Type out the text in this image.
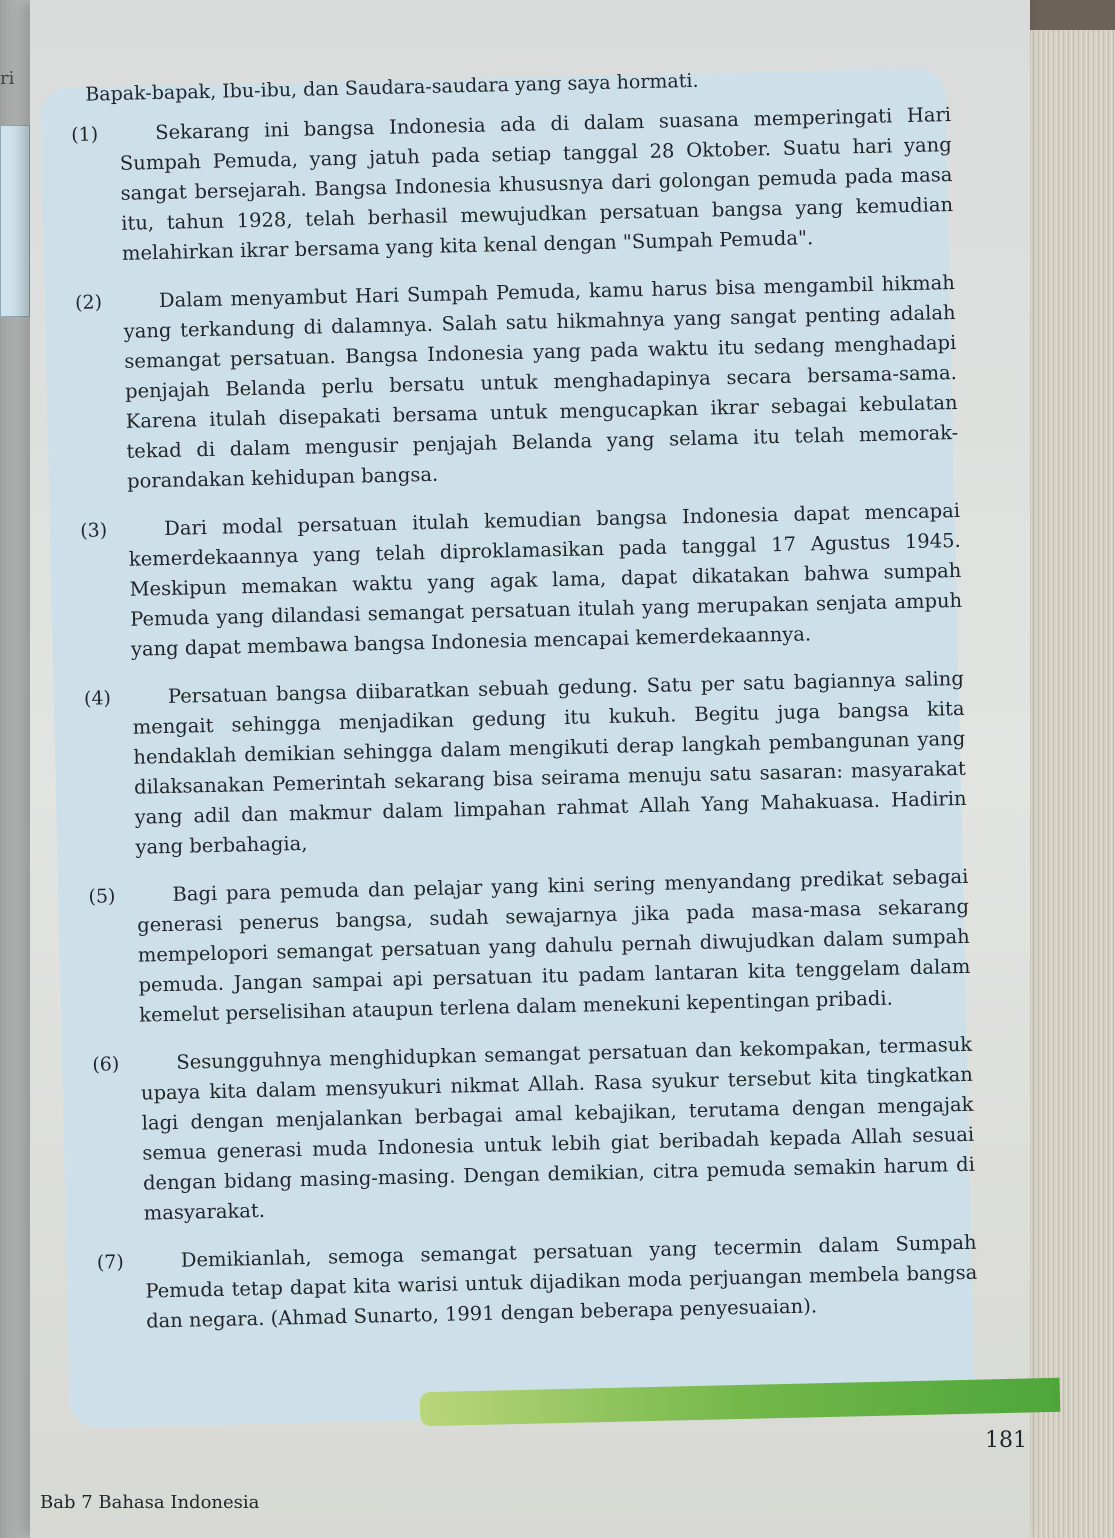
ri	Bapak-bapak, Ibu-ibu, dan Saudara-saudara yang saya hormati.

(1)	Sekarang ini bangsa Indonesia ada di dalam suasana memperingati Hari Sumpah Pemuda, yang jatuh pada setiap tanggal 28 Oktober. Suatu hari yang sangat bersejarah. Bangsa Indonesia khususnya dari golongan pemuda pada masa itu, tahun 1928, telah berhasil mewujudkan persatuan bangsa yang kemudian melahirkan ikrar bersama yang kita kenal dengan "Sumpah Pemuda".
(2)	Dalam menyambut Hari Sumpah Pemuda, kamu harus bisa mengambil hikmah yang terkandung di dalamnya. Salah satu hikmahnya yang sangat penting adalah semangat persatuan. Bangsa Indonesia yang pada waktu itu sedang menghadapi penjajah Belanda perlu bersatu untuk menghadapinya secara bersama-sama. Karena itulah disepakati bersama untuk mengucapkan ikrar sebagai kebulatan tekad di dalam mengusir penjajah Belanda yang selama itu telah memorak-porandakan kehidupan bangsa.
(3)	Dari modal persatuan itulah kemudian bangsa Indonesia dapat mencapai kemerdekaannya yang telah diproklamasikan pada tanggal 17 Agustus 1945. Meskipun memakan waktu yang agak lama, dapat dikatakan bahwa sumpah Pemuda yang dilandasi semangat persatuan itulah yang merupakan senjata ampuh yang dapat membawa bangsa Indonesia mencapai kemerdekaannya.
(4)	Persatuan bangsa diibaratkan sebuah gedung. Satu per satu bagiannya saling mengait sehingga menjadikan gedung itu kukuh. Begitu juga bangsa kita hendaklah demikian sehingga dalam mengikuti derap langkah pembangunan yang dilaksanakan Pemerintah sekarang bisa seirama menuju satu sasaran: masyarakat yang adil dan makmur dalam limpahan rahmat Allah Yang Mahakuasa. Hadirin yang berbahagia,
(5)	Bagi para pemuda dan pelajar yang kini sering menyandang predikat sebagai generasi penerus bangsa, sudah sewajarnya jika pada masa-masa sekarang mempelopori semangat persatuan yang dahulu pernah diwujudkan dalam sumpah pemuda. Jangan sampai api persatuan itu padam lantaran kita tenggelam dalam kemelut perselisihan ataupun terlena dalam menekuni kepentingan pribadi.
(6)	Sesungguhnya menghidupkan semangat persatuan dan kekompakan, termasuk upaya kita dalam mensyukuri nikmat Allah. Rasa syukur tersebut kita tingkatkan lagi dengan menjalankan berbagai amal kebajikan, terutama dengan mengajak semua generasi muda Indonesia untuk lebih giat beribadah kepada Allah sesuai dengan bidang masing-masing. Dengan demikian, citra pemuda semakin harum di masyarakat.
(7)	Demikianlah, semoga semangat persatuan yang tecermin dalam Sumpah Pemuda tetap dapat kita warisi untuk dijadikan moda perjuangan membela bangsa dan negara. (Ahmad Sunarto, 1991 dengan beberapa penyesuaian).
181
Bab 7 Bahasa Indonesia
